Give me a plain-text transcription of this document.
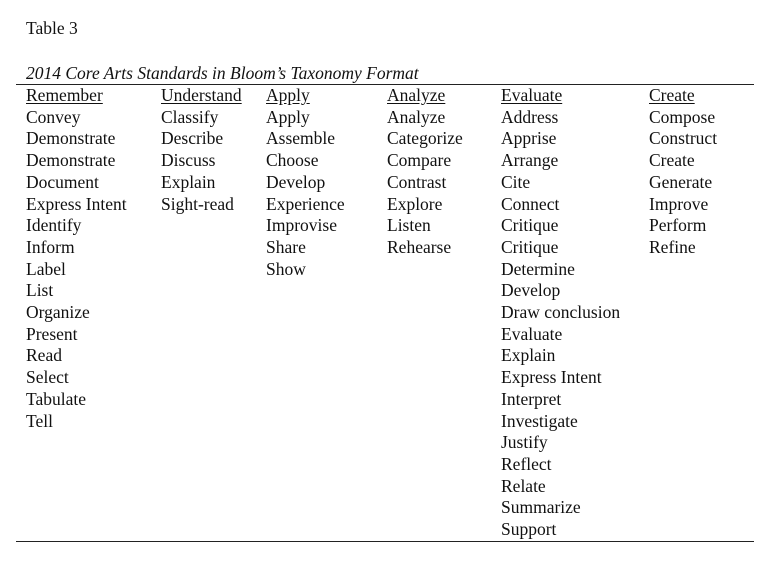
Table 3

2014 Core Arts Standards in Bloom’s Taxonomy Format

Remember
Convey
Demonstrate
Demonstrate
Document
Express Intent
Identify
Inform
Label
List
Organize
Present
Read
Select
Tabulate
Tell
Understand
Classify
Describe
Discuss
Explain
Sight-read
Apply
Apply
Assemble
Choose
Develop
Experience
Improvise
Share
Show
Analyze
Analyze
Categorize
Compare
Contrast
Explore
Listen
Rehearse
Evaluate
Address
Apprise
Arrange
Cite
Connect
Critique
Critique
Determine
Develop
Draw conclusion
Evaluate
Explain
Express Intent
Interpret
Investigate
Justify
Reflect
Relate
Summarize
Support
Create
Compose
Construct
Create
Generate
Improve
Perform
Refine
